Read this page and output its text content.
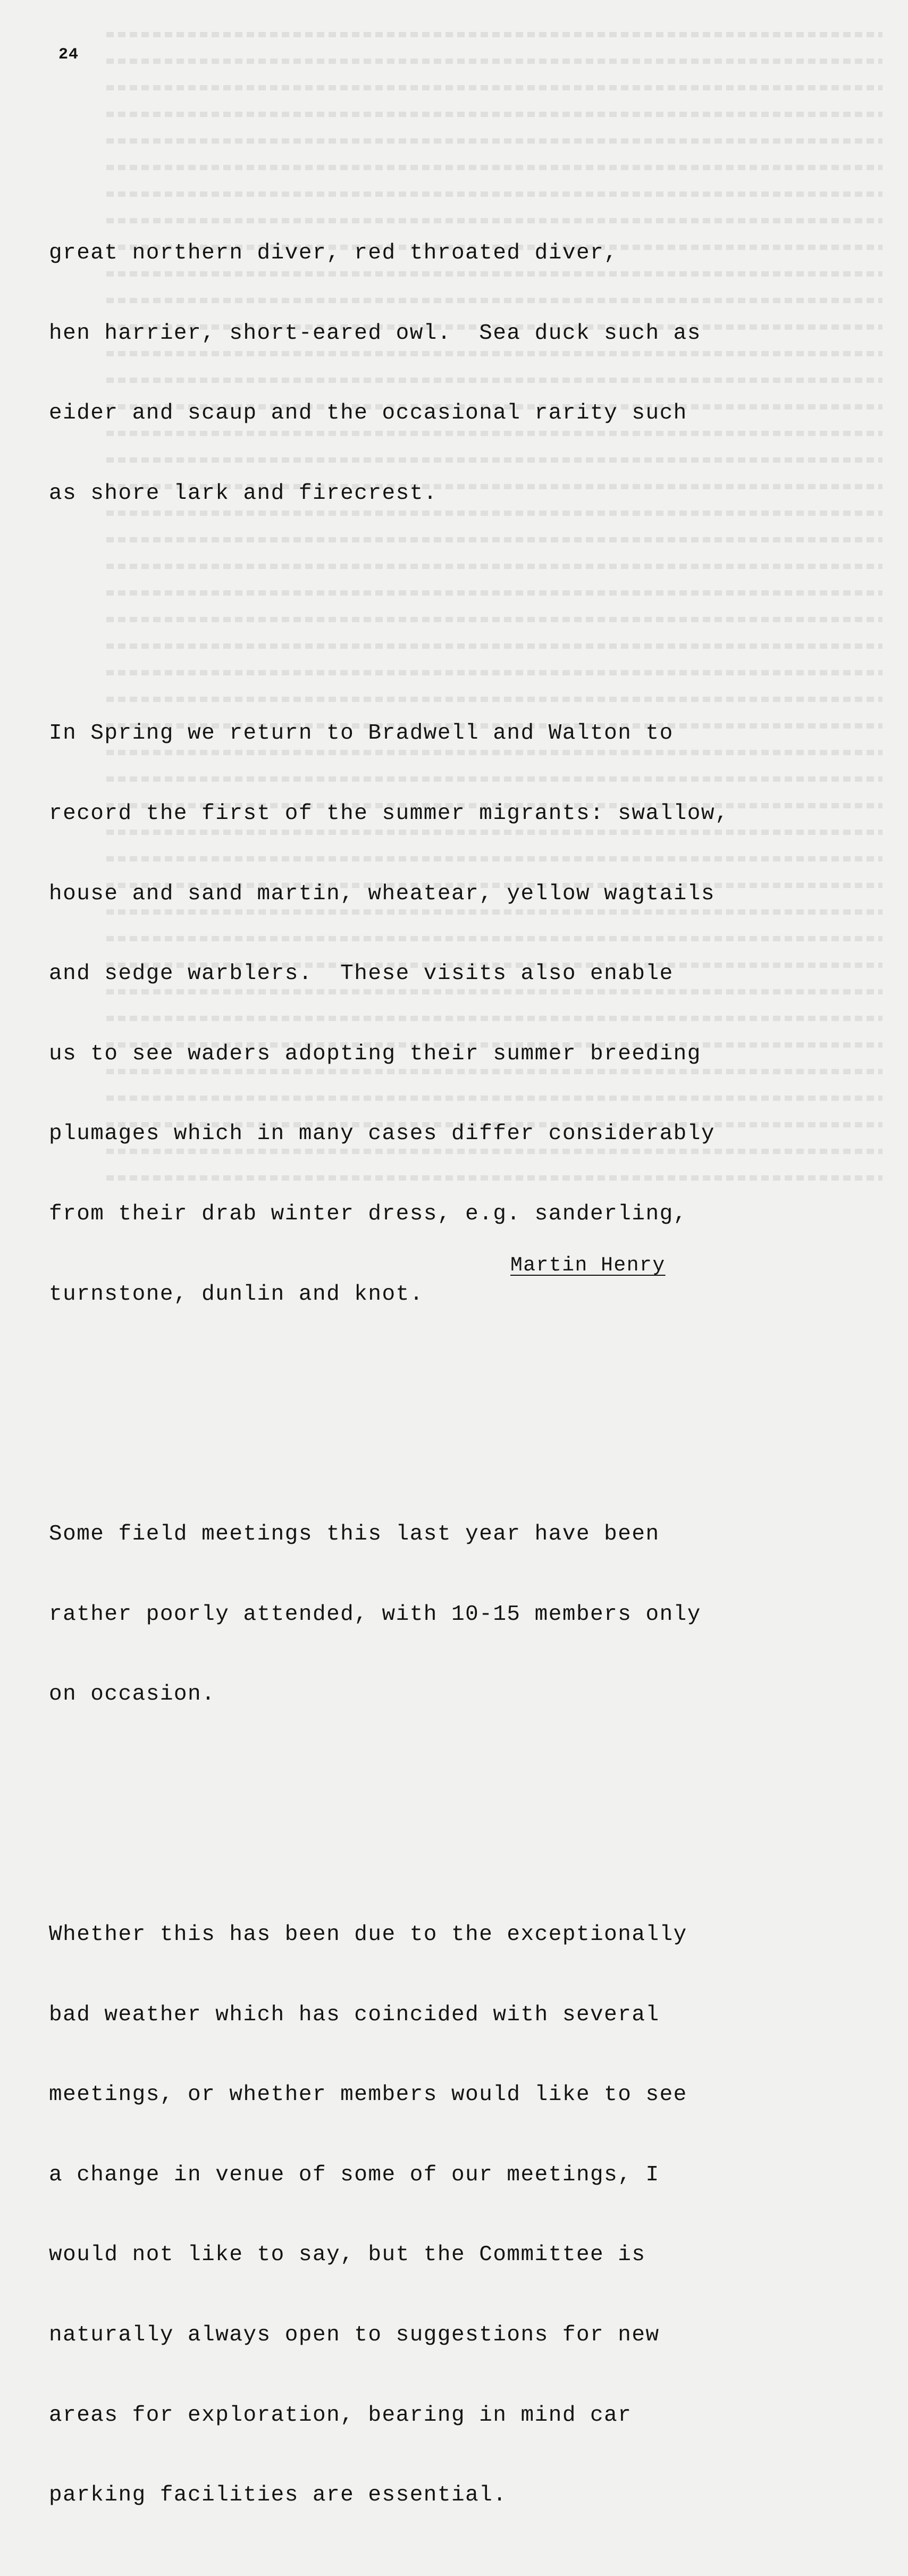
24

great northern diver, red throated diver,

hen harrier, short-eared owl.  Sea duck such as

eider and scaup and the occasional rarity such

as shore lark and firecrest.

In Spring we return to Bradwell and Walton to

record the first of the summer migrants: swallow,

house and sand martin, wheatear, yellow wagtails

and sedge warblers.  These visits also enable

us to see waders adopting their summer breeding

plumages which in many cases differ considerably

from their drab winter dress, e.g. sanderling,

turnstone, dunlin and knot.

Some field meetings this last year have been

rather poorly attended, with 10-15 members only

on occasion.

Whether this has been due to the exceptionally

bad weather which has coincided with several

meetings, or whether members would like to see

a change in venue of some of our meetings, I

would not like to say, but the Committee is

naturally always open to suggestions for new

areas for exploration, bearing in mind car

parking facilities are essential.

Martin Henry
